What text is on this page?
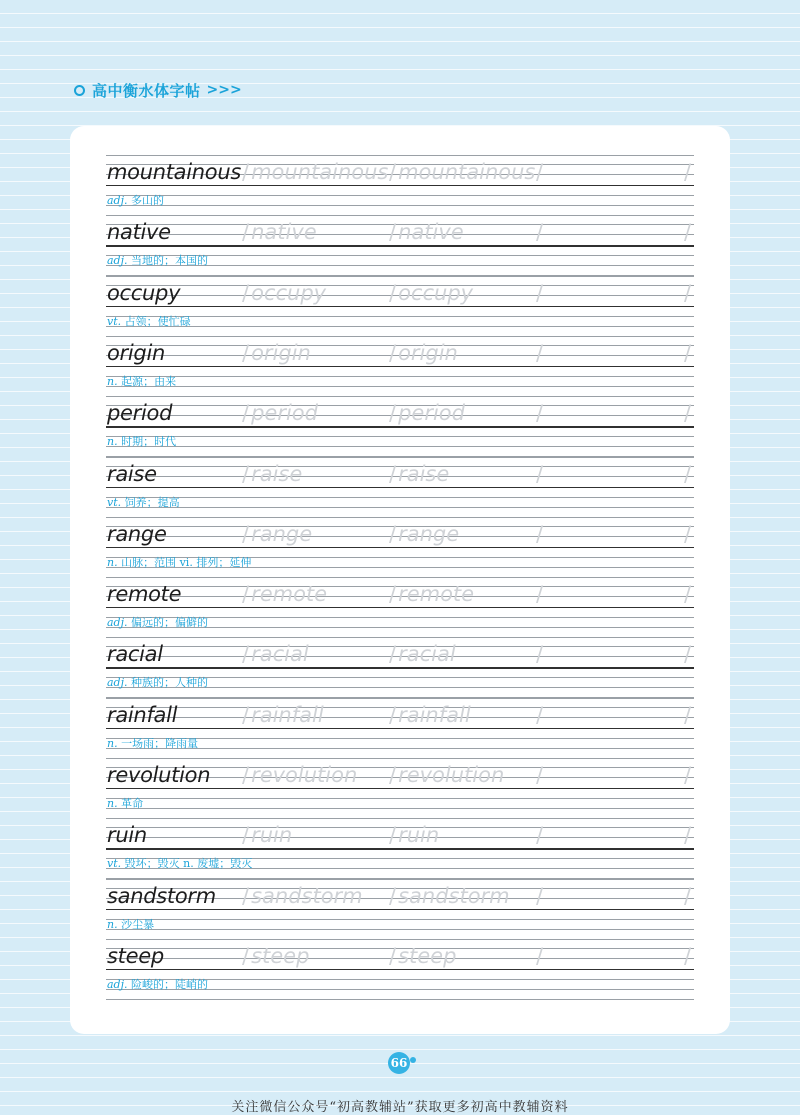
高中衡水体字帖 >>>
mountainous /mountainous /mountainous /	/
adj. 多山的
native	/native	/native	/	/
adj. 当地的；本国的
occupy	/occupy	/occupy	/	/
vt. 占领；使忙碌
origin	/origin	/origin	/	/
n. 起源；由来
period	/period	/period	/	/
n. 时期；时代
raise	/raise	/raise	/	/
vt. 饲养；提高
range	/range	/range	/	/
n. 山脉；范围 vi. 排列；延伸
remote	/remote	/remote	/	/
adj. 偏远的；偏僻的
racial	/racial	/racial	/	/
adj. 种族的；人种的
rainfall	/rainfall	/rainfall	/	/
n. 一场雨；降雨量
revolution /revolution /revolution /	/
n. 革命
ruin	/ruin	/ruin	/	/
vt. 毁坏；毁灭 n. 废墟；毁灭
sandstorm /sandstorm /sandstorm /	/
n. 沙尘暴
steep	/steep	/steep	/	/
adj. 险峻的；陡峭的
66
关注微信公众号“初高教辅站”获取更多初高中教辅资料
